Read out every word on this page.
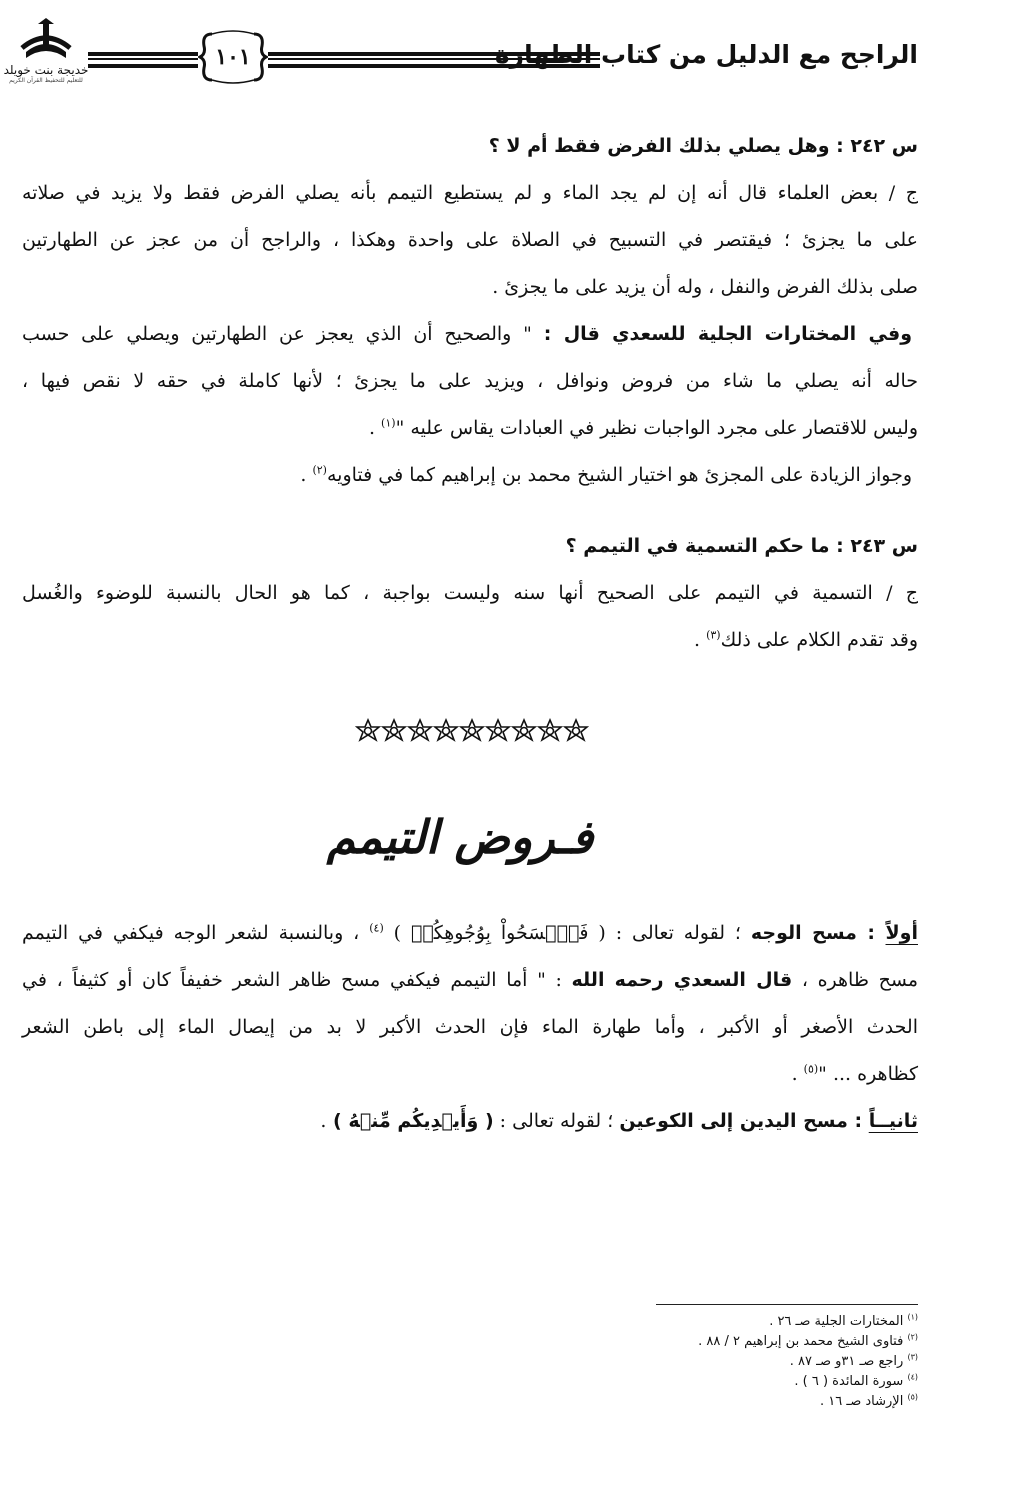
خديجة بنت خويلد
للتعليم للتحفيظ القرآن الكريم
١٠١	الراجح مع الدليل من كتاب الطهارة
س ٢٤٢ : وهل يصلي بذلك الفرض فقط أم لا ؟
ج / بعض العلماء قال أنه إن لم يجد الماء و لم يستطيع التيمم بأنه يصلي الفرض فقط ولا يزيد في صلاته
على ما يجزئ ؛ فيقتصر في التسبيح في الصلاة على واحدة وهكذا ، والراجح أن من عجز عن الطهارتين
صلى بذلك الفرض والنفل ، وله أن يزيد على ما يجزئ .
وفي المختارات الجلية للسعدي قال : " والصحيح أن الذي يعجز عن الطهارتين ويصلي على حسب
حاله أنه يصلي ما شاء من فروض ونوافل ، ويزيد على ما يجزئ ؛ لأنها كاملة في حقه لا نقص فيها ،
وليس للاقتصار على مجرد الواجبات نظير في العبادات يقاس عليه "$^{(١)}$ .
وجواز الزيادة على المجزئ هو اختيار الشيخ محمد بن إبراهيم كما في فتاويه$^{(٢)}$ .
س ٢٤٣ : ما حكم التسمية في التيمم ؟
ج / التسمية في التيمم على الصحيح أنها سنه وليست بواجبة ، كما هو الحال بالنسبة للوضوء والغُسل
وقد تقدم الكلام على ذلك$^{(٣)}$ .
فـروض التيمم
أولاً : مسح الوجه ؛ لقوله تعالى : ( فَٱمۡسَحُواْ بِوُجُوهِكُمۡ ) $^{(٤)}$ ، وبالنسبة لشعر الوجه فيكفي في التيمم
مسح ظاهره ، قال السعدي رحمه الله : " أما التيمم فيكفي مسح ظاهر الشعر خفيفاً كان أو كثيفاً ، في
الحدث الأصغر أو الأكبر ، وأما طهارة الماء فإن الحدث الأكبر لا بد من إيصال الماء إلى باطن الشعر
كظاهره ... "$^{(٥)}$ .
ثانيــاً : مسح اليدين إلى الكوعين ؛ لقوله تعالى : ( وَأَيۡدِيكُم مِّنۡهُ ) .
$^{(١)}$ المختارات الجلية صـ ٢٦ .
$^{(٢)}$ فتاوى الشيخ محمد بن إبراهيم ٢ / ٨٨ .
$^{(٣)}$ راجع صـ ٣١و صـ ٨٧ .
$^{(٤)}$ سورة المائدة ( ٦ ) .
$^{(٥)}$ الإرشاد صـ ١٦ .
